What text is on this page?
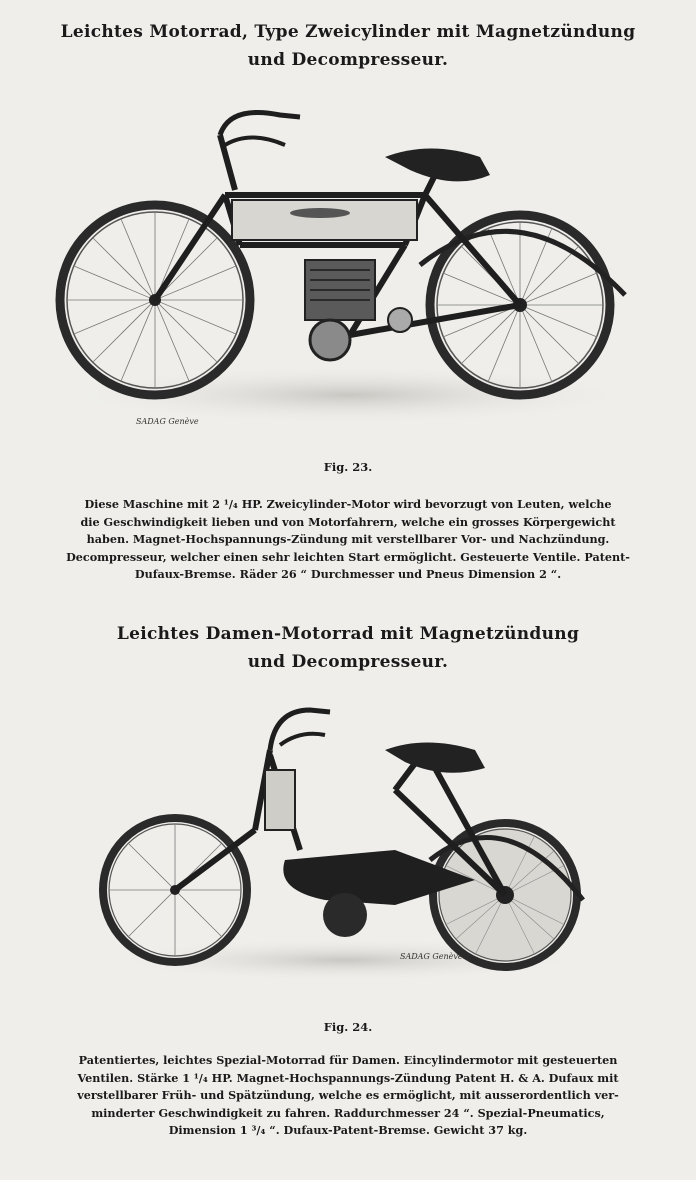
Leichtes Motorrad, Type Zweicylinder mit Magnetzündung
und Decompresseur.
SADAG Genève
Fig. 23.
Diese Maschine mit 2 ¹/₄ HP. Zweicylinder-Motor wird bevorzugt von Leuten, welche
die Geschwindigkeit lieben und von Motorfahrern, welche ein grosses Körpergewicht
haben. Magnet-Hochspannungs-Zündung mit verstellbarer Vor- und Nachzündung.
Decompresseur, welcher einen sehr leichten Start ermöglicht. Gesteuerte Ventile. Patent-
Dufaux-Bremse. Räder 26 “ Durchmesser und Pneus Dimension 2 “.
Leichtes Damen-Motorrad mit Magnetzündung
und Decompresseur.
SADAG Genève
Fig. 24.
Patentiertes, leichtes Spezial-Motorrad für Damen. Eincylindermotor mit gesteuerten
Ventilen. Stärke 1 ¹/₄ HP. Magnet-Hochspannungs-Zündung Patent H. & A. Dufaux mit
verstellbarer Früh- und Spätzündung, welche es ermöglicht, mit ausserordentlich ver-
minderter Geschwindigkeit zu fahren. Raddurchmesser 24 “. Spezial-Pneumatics,
Dimension 1 ³/₄ “. Dufaux-Patent-Bremse. Gewicht 37 kg.
